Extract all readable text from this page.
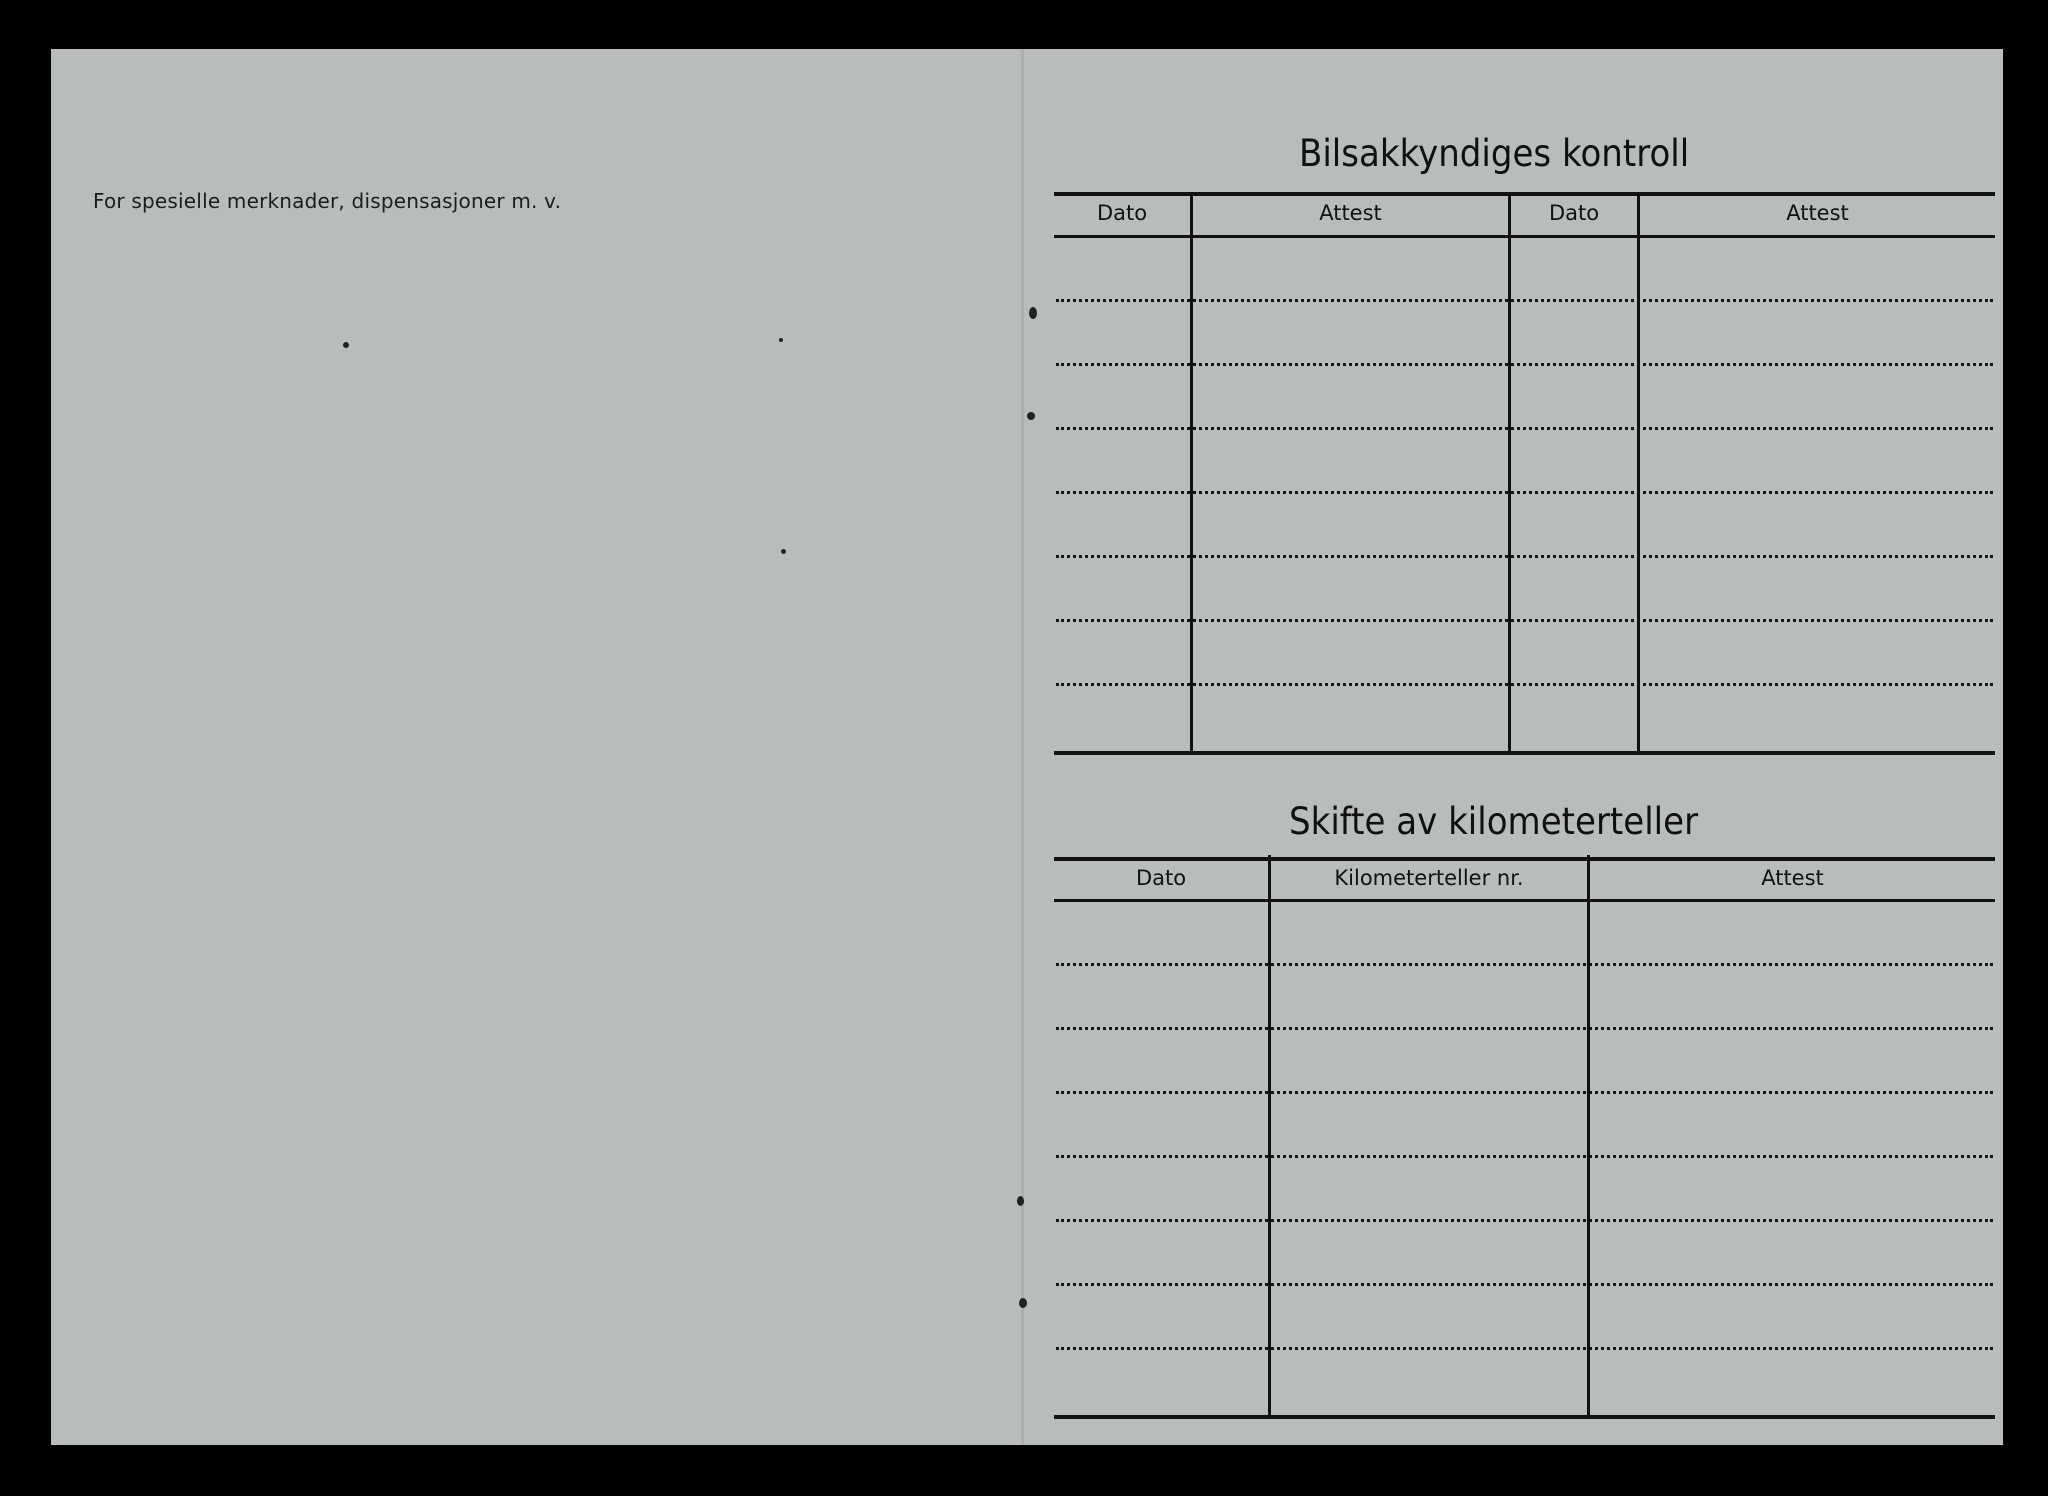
For spesielle merknader, dispensasjoner m. v.
Bilsakkyndiges kontroll
Dato	Attest	Dato	Attest
Skifte av kilometerteller
Dato	Kilometerteller nr.	Attest
